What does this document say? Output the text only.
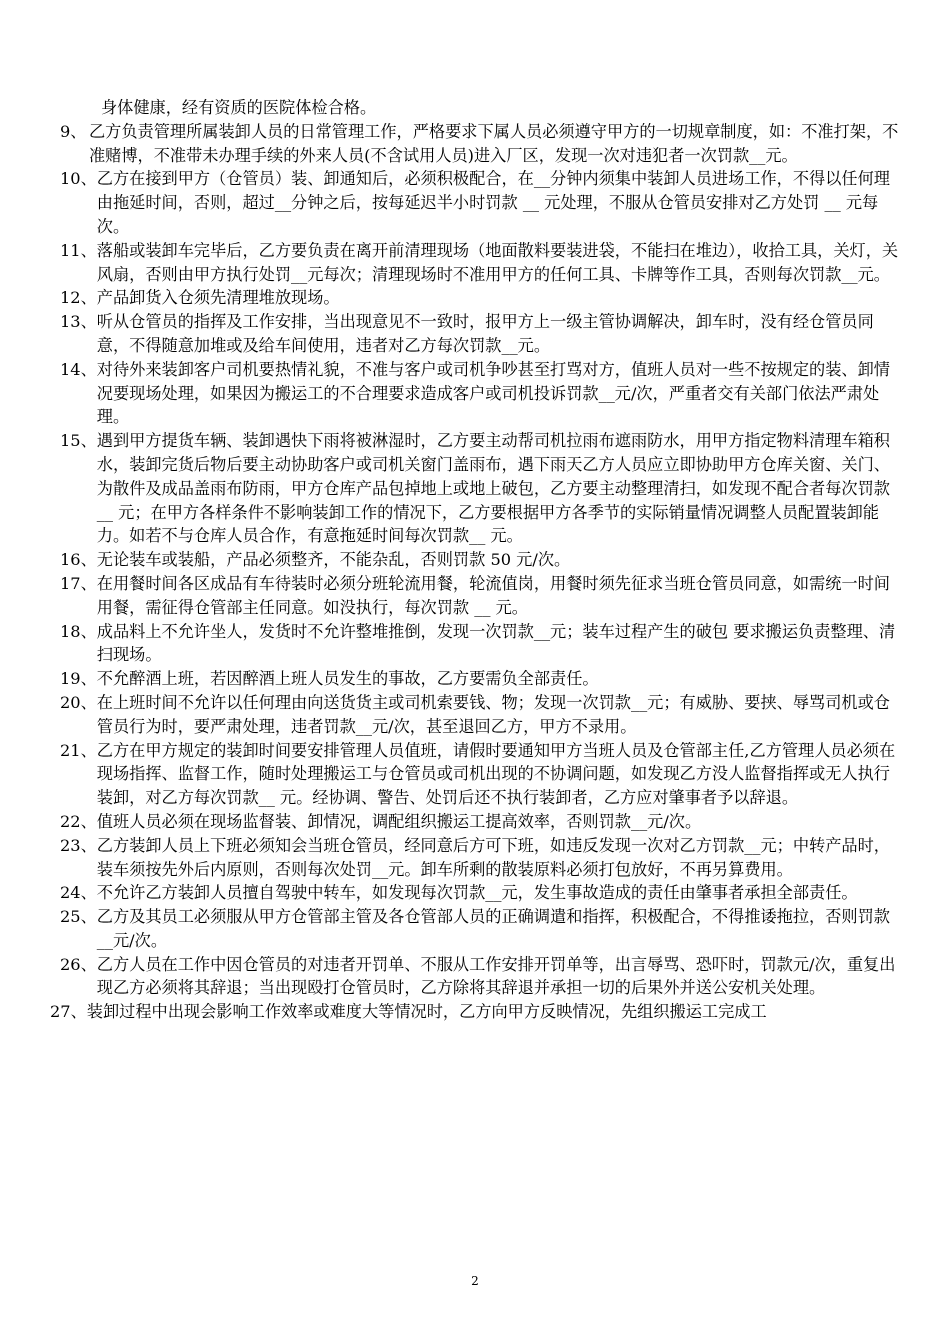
身体健康，经有资质的医院体检合格。
9、 乙方负责管理所属装卸人员的日常管理工作，严格要求下属人员必须遵守甲方的一切规章制度，如：不准打架，不准赌博，不准带未办理手续的外来人员(不含试用人员)进入厂区，发现一次对违犯者一次罚款__元。
10、 乙方在接到甲方（仓管员）装、卸通知后，必须积极配合，在__分钟内须集中装卸人员进场工作，不得以任何理由拖延时间，否则，超过__分钟之后，按每延迟半小时罚款 __ 元处理，不服从仓管员安排对乙方处罚 __ 元每次。
11、 落船或装卸车完毕后，乙方要负责在离开前清理现场（地面散料要装进袋，不能扫在堆边），收拾工具，关灯，关风扇，否则由甲方执行处罚__元每次；清理现场时不准用甲方的任何工具、卡牌等作工具，否则每次罚款__元。
12、 产品卸货入仓须先清理堆放现场。
13、 听从仓管员的指挥及工作安排，当出现意见不一致时，报甲方上一级主管协调解决，卸车时，没有经仓管员同意，不得随意加堆或及给车间使用，违者对乙方每次罚款__元。
14、 对待外来装卸客户司机要热情礼貌，不准与客户或司机争吵甚至打骂对方，值班人员对一些不按规定的装、卸情况要现场处理，如果因为搬运工的不合理要求造成客户或司机投诉罚款__元/次，严重者交有关部门依法严肃处理。
15、 遇到甲方提货车辆、装卸遇快下雨将被淋湿时，乙方要主动帮司机拉雨布遮雨防水，用甲方指定物料清理车箱积水，装卸完货后物后要主动协助客户或司机关窗门盖雨布，遇下雨天乙方人员应立即协助甲方仓库关窗、关门、为散件及成品盖雨布防雨，甲方仓库产品包掉地上或地上破包，乙方要主动整理清扫，如发现不配合者每次罚款 __ 元；在甲方各样条件不影响装卸工作的情况下，乙方要根据甲方各季节的实际销量情况调整人员配置装卸能力。如若不与仓库人员合作，有意拖延时间每次罚款__ 元。
16、 无论装车或装船，产品必须整齐，不能杂乱，否则罚款 50 元/次。
17、 在用餐时间各区成品有车待装时必须分班轮流用餐，轮流值岗，用餐时须先征求当班仓管员同意，如需统一时间用餐，需征得仓管部主任同意。如没执行，每次罚款 __ 元。
18、 成品料上不允许坐人，发货时不允许整堆推倒，发现一次罚款__元；装车过程产生的破包 要求搬运负责整理、清扫现场。
19、 不允醉酒上班，若因醉酒上班人员发生的事故，乙方要需负全部责任。
20、 在上班时间不允许以任何理由向送货货主或司机索要钱、物；发现一次罚款__元；有威胁、要挟、辱骂司机或仓管员行为时，要严肃处理，违者罚款__元/次，甚至退回乙方，甲方不录用。
21、 乙方在甲方规定的装卸时间要安排管理人员值班，请假时要通知甲方当班人员及仓管部主任,乙方管理人员必须在现场指挥、监督工作，随时处理搬运工与仓管员或司机出现的不协调问题，如发现乙方没人监督指挥或无人执行装卸，对乙方每次罚款__ 元。经协调、警告、处罚后还不执行装卸者，乙方应对肇事者予以辞退。
22、 值班人员必须在现场监督装、卸情况，调配组织搬运工提高效率，否则罚款__元/次。
23、 乙方装卸人员上下班必须知会当班仓管员，经同意后方可下班，如违反发现一次对乙方罚款__元；中转产品时，装车须按先外后内原则，否则每次处罚__元。卸车所剩的散装原料必须打包放好，不再另算费用。
24、 不允许乙方装卸人员擅自驾驶中转车，如发现每次罚款__元，发生事故造成的责任由肇事者承担全部责任。
25、 乙方及其员工必须服从甲方仓管部主管及各仓管部人员的正确调遣和指挥，积极配合，不得推诿拖拉，否则罚款__元/次。
26、 乙方人员在工作中因仓管员的对违者开罚单、不服从工作安排开罚单等，出言辱骂、恐吓时，罚款元/次，重复出现乙方必须将其辞退；当出现殴打仓管员时，乙方除将其辞退并承担一切的后果外并送公安机关处理。
27、 装卸过程中出现会影响工作效率或难度大等情况时，乙方向甲方反映情况，先组织搬运工完成工
2
